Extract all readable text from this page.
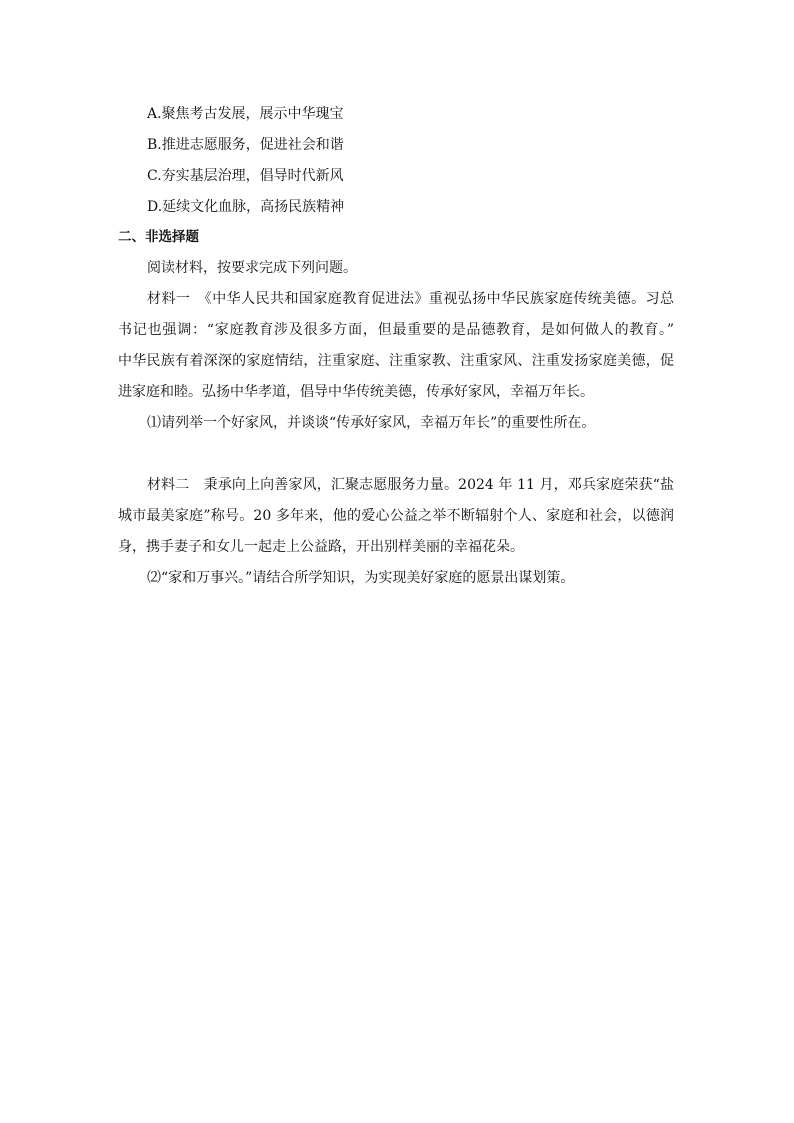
A.聚焦考古发展，展示中华瑰宝
B.推进志愿服务，促进社会和谐
C.夯实基层治理，倡导时代新风
D.延续文化血脉，高扬民族精神
二、非选择题
阅读材料，按要求完成下列问题。
材料一　《中华人民共和国家庭教育促进法》重视弘扬中华民族家庭传统美德。习总
书记也强调：“家庭教育涉及很多方面，但最重要的是品德教育，是如何做人的教育。”
中华民族有着深深的家庭情结，注重家庭、注重家教、注重家风、注重发扬家庭美德，促
进家庭和睦。弘扬中华孝道，倡导中华传统美德，传承好家风，幸福万年长。
⑴请列举一个好家风，并谈谈“传承好家风，幸福万年长”的重要性所在。
材料二　秉承向上向善家风，汇聚志愿服务力量。2024 年 11 月，邓兵家庭荣获“盐
城市最美家庭”称号。20 多年来，他的爱心公益之举不断辐射个人、家庭和社会，以德润
身，携手妻子和女儿一起走上公益路，开出别样美丽的幸福花朵。
⑵“家和万事兴。”请结合所学知识，为实现美好家庭的愿景出谋划策。
